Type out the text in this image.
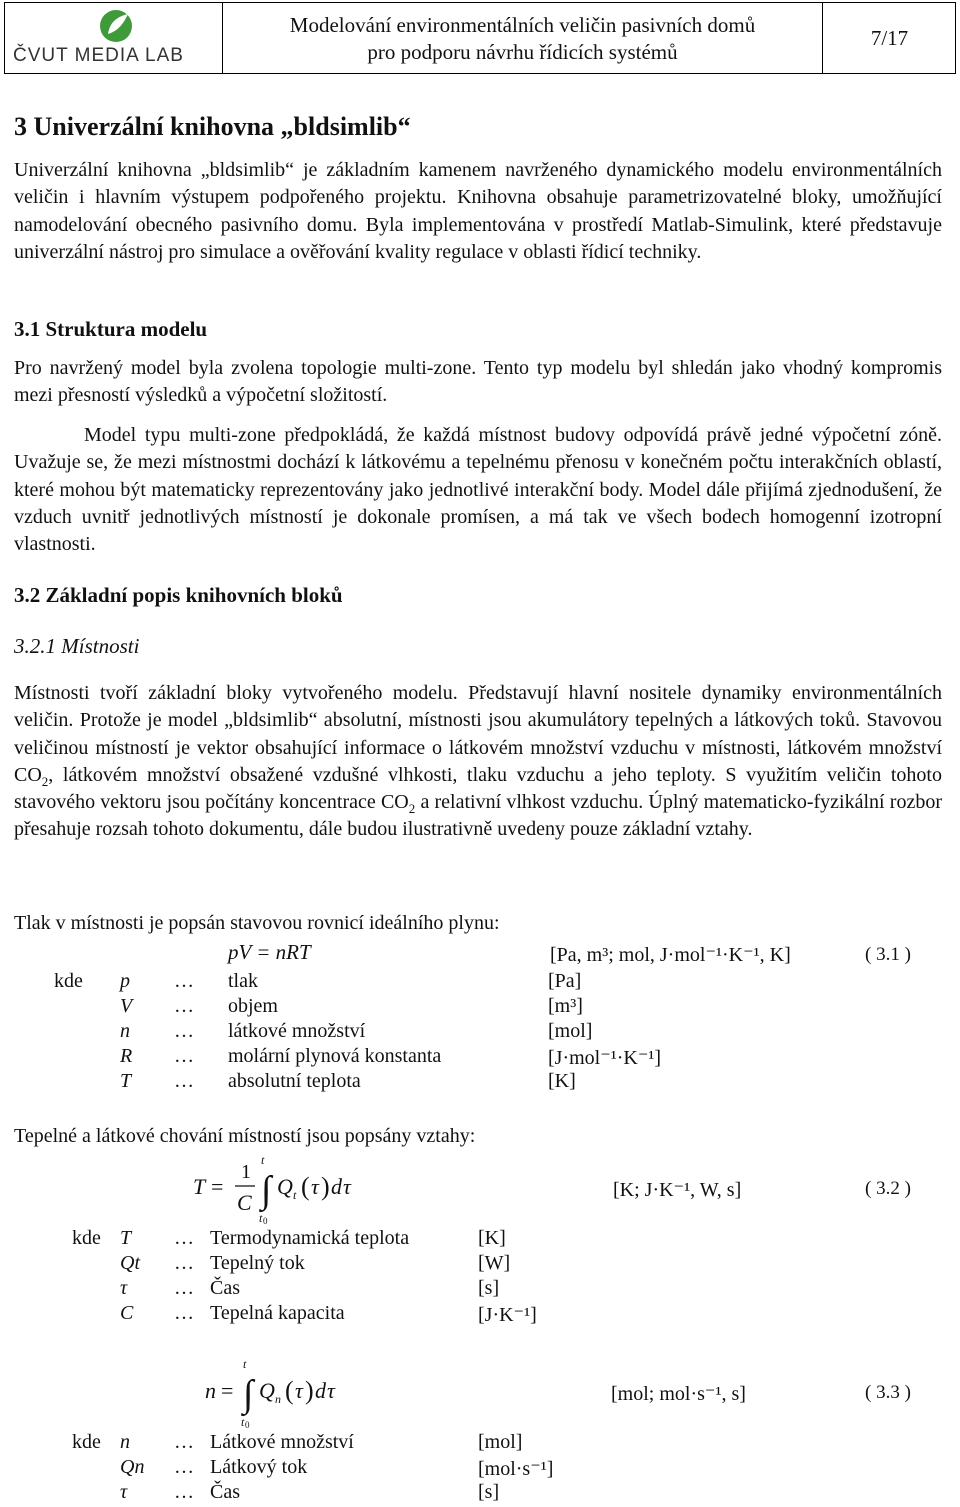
ČVUT MEDIA LAB
Modelování environmentálních veličin pasivních domů
pro podporu návrhu řídicích systémů
7/17
3 Univerzální knihovna „bldsimlib“

Univerzální knihovna „bldsimlib“ je základním kamenem navrženého dynamického modelu environmentálních veličin i hlavním výstupem podpořeného projektu. Knihovna obsahuje parametrizovatelné bloky, umožňující namodelování obecného pasivního domu. Byla implementována v prostředí Matlab-Simulink, které představuje univerzální nástroj pro simulace a ověřování kvality regulace v oblasti řídicí techniky.

3.1 Struktura modelu

Pro navržený model byla zvolena topologie multi-zone. Tento typ modelu byl shledán jako vhodný kompromis mezi přesností výsledků a výpočetní složitostí.

Model typu multi-zone předpokládá, že každá místnost budovy odpovídá právě jedné výpočetní zóně. Uvažuje se, že mezi místnostmi dochází k látkovému a tepelnému přenosu v konečném počtu interakčních oblastí, které mohou být matematicky reprezentovány jako jednotlivé interakční body. Model dále přijímá zjednodušení, že vzduch uvnitř jednotlivých místností je dokonale promísen, a má tak ve všech bodech homogenní izotropní vlastnosti.

3.2 Základní popis knihovních bloků
3.2.1 Místnosti

Místnosti tvoří základní bloky vytvořeného modelu. Představují hlavní nositele dynamiky environmentálních veličin. Protože je model „bldsimlib“ absolutní, místnosti jsou akumulátory tepelných a látkových toků. Stavovou veličinou místností je vektor obsahující informace o látkovém množství vzduchu v místnosti, látkovém množství $CO_2$, látkovém množství obsažené vzdušné vlhkosti, tlaku vzduchu a jeho teploty. S využitím veličin tohoto stavového vektoru jsou počítány koncentrace $CO_2$ a relativní vlhkost vzduchu. Úplný matematicko-fyzikální rozbor přesahuje rozsah tohoto dokumentu, dále budou ilustrativně uvedeny pouze základní vztahy.

Tlak v místnosti je popsán stavovou rovnicí ideálního plynu:
pV = nRT	[Pa, m³; mol, J·mol⁻¹·K⁻¹, K]	( 3.1 )
kde p … tlak	[Pa]
V … objem	[m³]
n … látkové množství	[mol]
R … molární plynová konstanta	[J·mol⁻¹·K⁻¹]
T … absolutní teplota	[K]
Tepelné a látkové chování místností jsou popsány vztahy:
T =
1
C ∫
t
t 0
Q t ( τ ) d τ	[K; J·K⁻¹, W, s]	( 3.2 )
kde T … Termodynamická teplota	[K]
Qt … Tepelný tok	[W]
τ … Čas	[s]
C … Tepelná kapacita	[J·K⁻¹]
n = ∫
t
t 0
Q n ( τ ) d τ	[mol; mol·s⁻¹, s]	( 3.3 )
kde n … Látkové množství	[mol]
Qn … Látkový tok	[mol·s⁻¹]
τ … Čas	[s]
